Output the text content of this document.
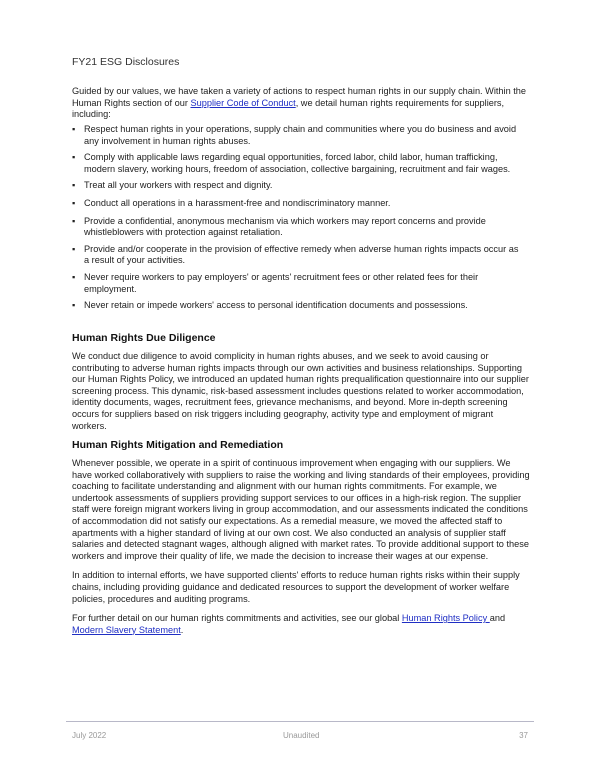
FY21 ESG Disclosures

Guided by our values, we have taken a variety of actions to respect human rights in our supply chain. Within the Human Rights section of our Supplier Code of Conduct, we detail human rights requirements for suppliers, including:

▪ Respect human rights in your operations, supply chain and communities where you do business and avoid any involvement in human rights abuses.
▪ Comply with applicable laws regarding equal opportunities, forced labor, child labor, human trafficking, modern slavery, working hours, freedom of association, collective bargaining, recruitment and fair wages.
▪ Treat all your workers with respect and dignity.
▪ Conduct all operations in a harassment-free and nondiscriminatory manner.
▪ Provide a confidential, anonymous mechanism via which workers may report concerns and provide whistleblowers with protection against retaliation.
▪ Provide and/or cooperate in the provision of effective remedy when adverse human rights impacts occur as a result of your activities.
▪ Never require workers to pay employers' or agents' recruitment fees or other related fees for their employment.
▪ Never retain or impede workers' access to personal identification documents and possessions.
Human Rights Due Diligence

We conduct due diligence to avoid complicity in human rights abuses, and we seek to avoid causing or contributing to adverse human rights impacts through our own activities and business relationships. Supporting our Human Rights Policy, we introduced an updated human rights prequalification questionnaire into our supplier screening process. This dynamic, risk-based assessment includes questions related to worker accommodation, identity documents, wages, recruitment fees, grievance mechanisms, and beyond. More in-depth screening occurs for suppliers based on risk triggers including geography, activity type and employment of migrant workers.

Human Rights Mitigation and Remediation

Whenever possible, we operate in a spirit of continuous improvement when engaging with our suppliers. We have worked collaboratively with suppliers to raise the working and living standards of their employees, providing coaching to facilitate understanding and alignment with our human rights commitments. For example, we undertook assessments of suppliers providing support services to our offices in a high-risk region. The supplier staff were foreign migrant workers living in group accommodation, and our assessments indicated the conditions of accommodation did not satisfy our expectations. As a remedial measure, we moved the affected staff to apartments with a higher standard of living at our own cost. We also conducted an analysis of supplier staff salaries and detected stagnant wages, although aligned with market rates. To provide additional support to these workers and improve their quality of life, we made the decision to increase their wages at our expense.

In addition to internal efforts, we have supported clients' efforts to reduce human rights risks within their supply chains, including providing guidance and dedicated resources to support the development of worker welfare policies, procedures and auditing programs.

For further detail on our human rights commitments and activities, see our global Human Rights Policy and Modern Slavery Statement.

July 2022	Unaudited	37
